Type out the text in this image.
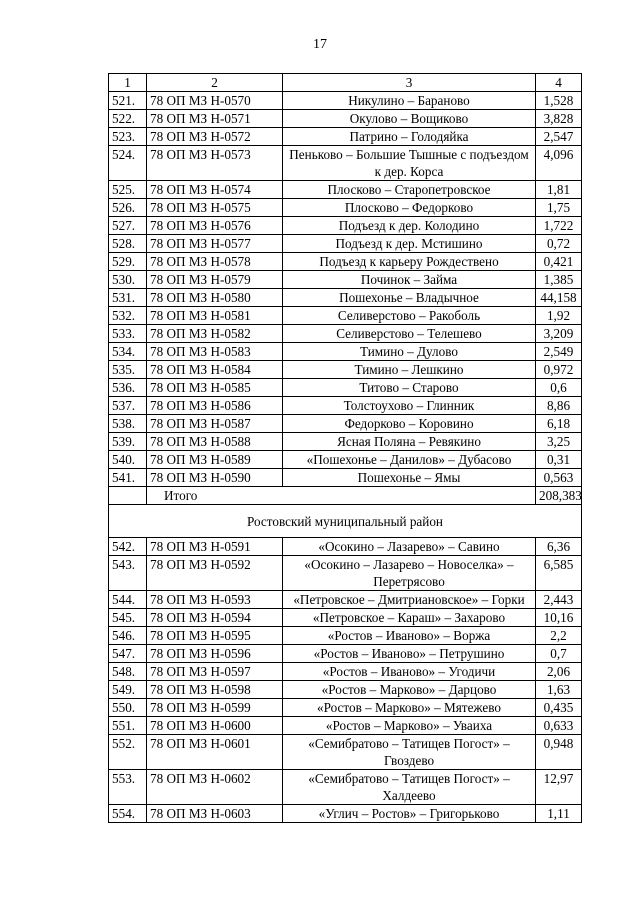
17
1	2	3	4
521.	78 ОП МЗ Н-0570	Никулино – Бараново	1,528
522.	78 ОП МЗ Н-0571	Окулово – Вощиково	3,828
523.	78 ОП МЗ Н-0572	Патрино – Голодяйка	2,547
524.	78 ОП МЗ Н-0573	Пеньково – Большие Тышные с подъездом к дер. Корса	4,096
525.	78 ОП МЗ Н-0574	Плосково – Старопетровское	1,81
526.	78 ОП МЗ Н-0575	Плосково – Федорково	1,75
527.	78 ОП МЗ Н-0576	Подъезд к дер. Колодино	1,722
528.	78 ОП МЗ Н-0577	Подъезд к дер. Мстишино	0,72
529.	78 ОП МЗ Н-0578	Подъезд к карьеру Рождествено	0,421
530.	78 ОП МЗ Н-0579	Починок – Займа	1,385
531.	78 ОП МЗ Н-0580	Пошехонье – Владычное	44,158
532.	78 ОП МЗ Н-0581	Селиверстово – Ракоболь	1,92
533.	78 ОП МЗ Н-0582	Селиверстово – Телешево	3,209
534.	78 ОП МЗ Н-0583	Тимино – Дулово	2,549
535.	78 ОП МЗ Н-0584	Тимино – Лешкино	0,972
536.	78 ОП МЗ Н-0585	Титово – Старово	0,6
537.	78 ОП МЗ Н-0586	Толстоухово – Глинник	8,86
538.	78 ОП МЗ Н-0587	Федорково – Коровино	6,18
539.	78 ОП МЗ Н-0588	Ясная Поляна – Ревякино	3,25
540.	78 ОП МЗ Н-0589	«Пошехонье – Данилов» – Дубасово	0,31
541.	78 ОП МЗ Н-0590	Пошехонье – Ямы	0,563
	Итого		208,383
Ростовский муниципальный район			
542.	78 ОП МЗ Н-0591	«Осокино – Лазарево» – Савино	6,36
543.	78 ОП МЗ Н-0592	«Осокино – Лазарево – Новоселка» – Перетрясово	6,585
544.	78 ОП МЗ Н-0593	«Петровское – Дмитриановское» – Горки	2,443
545.	78 ОП МЗ Н-0594	«Петровское – Караш» – Захарово	10,16
546.	78 ОП МЗ Н-0595	«Ростов – Иваново» – Воржа	2,2
547.	78 ОП МЗ Н-0596	«Ростов – Иваново» – Петрушино	0,7
548.	78 ОП МЗ Н-0597	«Ростов – Иваново» – Угодичи	2,06
549.	78 ОП МЗ Н-0598	«Ростов – Марково» – Дарцово	1,63
550.	78 ОП МЗ Н-0599	«Ростов – Марково» – Мятежево	0,435
551.	78 ОП МЗ Н-0600	«Ростов – Марково» – Увaиха	0,633
552.	78 ОП МЗ Н-0601	«Семибратово – Татищев Погост» – Гвоздево	0,948
553.	78 ОП МЗ Н-0602	«Семибратово – Татищев Погост» – Халдеево	12,97
554.	78 ОП МЗ Н-0603	«Углич – Ростов» – Григорьково	1,11
